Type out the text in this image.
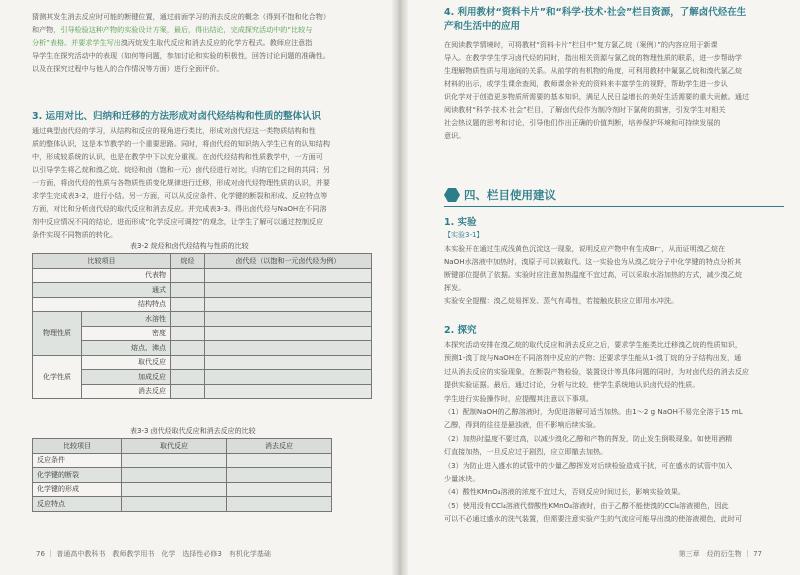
猜测其发生消去反应时可能的断键位置，通过前面学习的消去反应的概念（得到不饱和化合物）
和产物，引导检验这种产物的实验设计方案，最后，得出结论，完成探究活动中的“比较与
分析”表格。并要求学生写出溴丙烷发生取代反应和消去反应的化学方程式。教师应注意指
导学生在探究活动中的表现（如何等问题，参加讨论和实验的积极性，回答讨论问题的准确性。
以及在探究过程中与他人的合作情况等方面）进行全面评价。
3. 运用对比、归纳和迁移的方法形成对卤代烃结构和性质的整体认识
通过典型卤代烃的学习，从结构和反应的视角进行类比，形成对卤代烃这一类物质结构和性
质的整体认识，这是本节教学的一个重要思路。同时，将卤代烃的知识纳入学生已有的认知结构
中，形成较系统的认识，也是在教学中下以充分重视。在卤代烃结构和性质教学中，一方面可
以引导学生将乙烷和溴乙烷、烷烃和卤（饱和一元）卤代烃进行对比，归纳它们之间的共同；另
一方面，将卤代烃的性质与各物质性质变化规律进行迁移，形成对卤代烃物理性质的认识，并要
求学生完成表3-2，进行小结。另一方面，可以从反应条件、化学键的断裂和形成、反应特点等
方面，对比和分析卤代烃的取代反应和消去反应。并完成表3-3。得出卤代烃与NaOH在不同溶
剂中反应情况不同的结论，进而形成“化学反应可调控”的观念，让学生了解可以通过控制反应
条件实现不同物质的转化。
表3-2 烷烃和卤代烃结构与性质的比较
比较项目		烷烃	卤代烃（以饱和一元卤代烃为例）
代表物			
通式			
结构特点			
物理性质	水溶性		
	密度		
	熔点、沸点		
化学性质	取代反应		
	加成反应		
	消去反应		
表3-3 卤代烃取代反应和消去反应的比较
比较项目	取代反应	消去反应
反应条件		
化学键的断裂		
化学键的形成		
反应特点		
76 ｜ 普通高中教科书　教师教学用书　化学　选择性必修3　有机化学基础
4. 利用教材“资料卡片”和“科学·技术·社会”栏目资源，了解卤代烃在生
产和生活中的应用
在阅读教学情境时，可将教材“资料卡片”栏目中“复方氯乙烷（案例）”的内容应用于新课
导入。在教学学生学习卤代烃的同时，指出相关资源与氯乙烷的物理性质的联系，进一步帮助学
生理解物质性质与用途间的关系。从前学的有机物的角度，可利用教材中氟氯乙烷和溴代氯乙烷
材料的出示，或学生课余查阅，教师课余补充的资料来丰富学生的视野，帮助学生进一步认
识化学对于创造更多物质所需要的基本知识，满足人民日益增长的美好生活需要的重大贡献。通过
阅读教材“科学·技术·社会”栏目，了解卤代烃作为制冷剂时下氯荷的损害，引发学生对相关
社会热议题的思考和讨论，引导他们作出正确的价值判断，培养保护环境和可持续发展的
意识。
四、栏目使用建议
1. 实验
【实验3-1】
本实验开在通过生成浅黄色沉淀这一现象，说明反应产物中有生成Br⁻，从而证明溴乙烷在
NaOH水溶液中加热时，溴原子可以被取代。这一实验也为从溴乙烷分子中化学键的特点分析其
断键部位提供了依据。实验时应注意加热温度不宜过高，可以采取水浴加热的方式，减少溴乙烷
挥发。
实验安全提醒：溴乙烷易挥发、蒸气有毒性，若接触皮肤应立即用水冲洗。
2. 探究
本探究活动安排在溴乙烷的取代反应和消去反应之后，要求学生能类比迁移溴乙烷的性质知识，
预测1-溴丁烷与NaOH在不同溶剂中反应的产物；还要求学生能从1-溴丁烷的分子结构出发，通
过从消去反应的实验现象，在断裂产物检验，装置设计等具体问题的同时，为对卤代烃的消去反应
提供实验证据。最后，通过讨论，分析与比较，使学生系统地认识卤代烃的性质。
学生进行实验操作时，应提醒其注意以下事项。
（1）配制NaOH的乙醇溶液时，为促进溶解可适当加热。由1～2 g NaOH不易完全溶于15 mL
乙醇，得到的往往是悬浊液，但不影响后续实验。
（2）加热时温度不要过高，以减少溴化乙醇和产物的挥发，防止发生倒吸现象。如使用酒精
灯直接加热，一旦反应过于剧烈，应立即撤去加热。
（3）为防止进入盛水的试管中的少量乙醇挥发对后续检验造成干扰，可在盛水的试管中加入
少量冰块。
（4）酸性KMnO₄溶液的浓度不宜过大，否则反应时间过长，影响实验效果。
（5）使用没有CCl₄溶液代替酸性KMnO₄溶液时，由于乙醇不能使溴的CCl₄溶液褪色，因此
可以不必通过盛水的洗气装置，但需要注意实验产生的气流应可能导出溴的使溶液褪色，此时可
第三章　烃的衍生物 ｜ 77
